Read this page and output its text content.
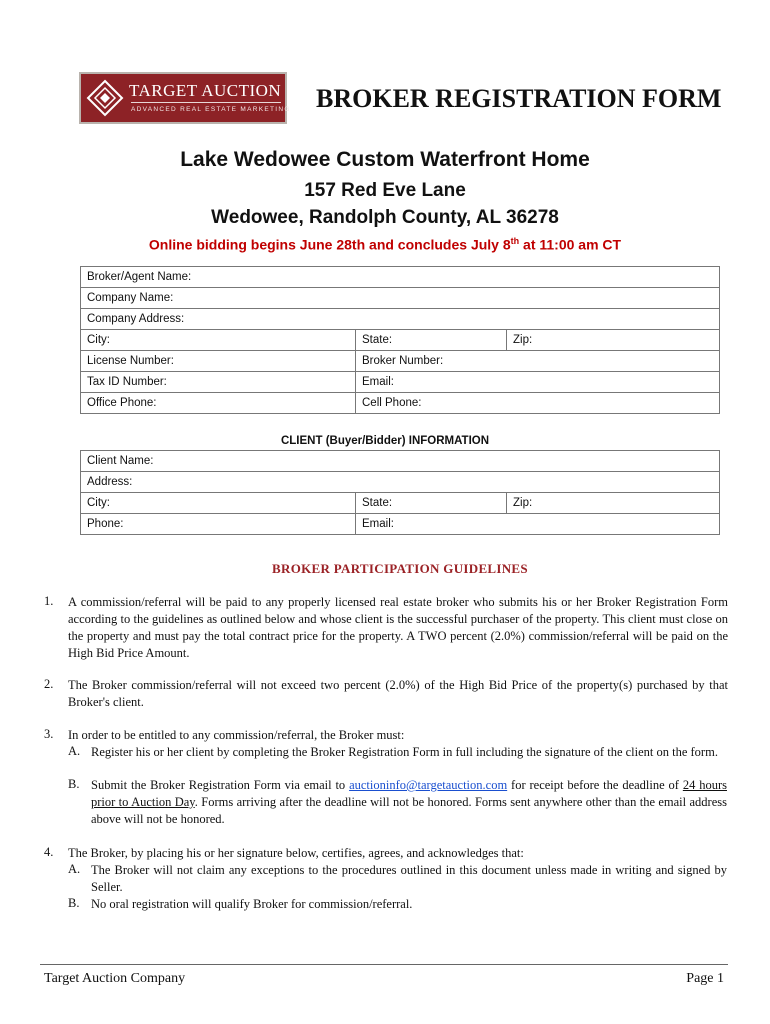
TARGET AUCTION
ADVANCED REAL ESTATE MARKETING BROKER REGISTRATION FORM
Lake Wedowee Custom Waterfront Home
157 Red Eve Lane
Wedowee, Randolph County, AL 36278
Online bidding begins June 28th and concludes July 8th at 11:00 am CT
Broker/Agent Name:		
Company Name:		
Company Address:		
City:	State:	Zip:
License Number:	Broker Number:	
Tax ID Number:	Email:	
Office Phone:	Cell Phone:	
CLIENT (Buyer/Bidder) INFORMATION
Client Name:		
Address:		
City:	State:	Zip:
Phone:	Email:	
BROKER PARTICIPATION GUIDELINES
1. A commission/referral will be paid to any properly licensed real estate broker who submits his or her Broker Registration Form according to the guidelines as outlined below and whose client is the successful purchaser of the property. This client must close on the property and must pay the total contract price for the property. A TWO percent (2.0%) commission/referral will be paid on the High Bid Price Amount.
2. The Broker commission/referral will not exceed two percent (2.0%) of the High Bid Price of the property(s) purchased by that Broker's client.
3. In order to be entitled to any commission/referral, the Broker must:
A. Register his or her client by completing the Broker Registration Form in full including the signature of the client on the form.
B. Submit the Broker Registration Form via email to auctioninfo@targetauction.com for receipt before the deadline of 24 hours prior to Auction Day. Forms arriving after the deadline will not be honored. Forms sent anywhere other than the email address above will not be honored.
4. The Broker, by placing his or her signature below, certifies, agrees, and acknowledges that:
A. The Broker will not claim any exceptions to the procedures outlined in this document unless made in writing and signed by Seller.
B. No oral registration will qualify Broker for commission/referral.
Target Auction Company	Page 1
